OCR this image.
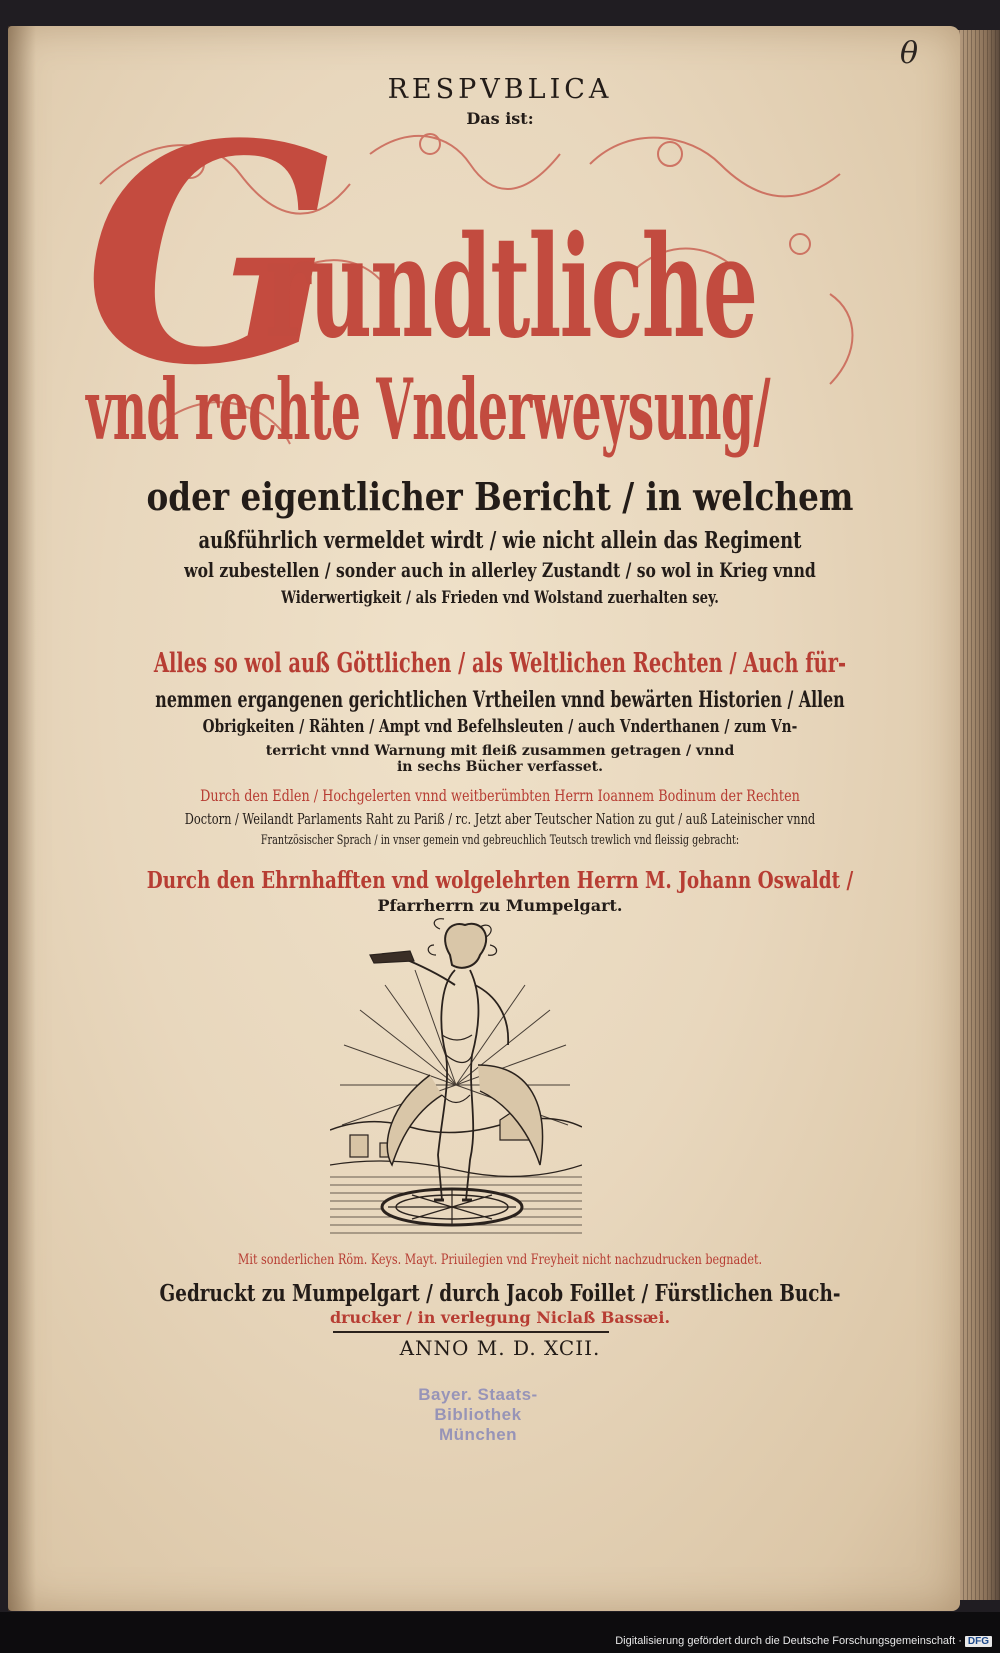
θ
RESPVBLICA
Das ist:
G
rundtliche
vnd rechte Vnderweysung/
oder eigentlicher Bericht / in welchem
außführlich vermeldet wirdt / wie nicht allein das Regiment
wol zubestellen / sonder auch in allerley Zustandt / so wol in Krieg vnnd
Widerwertigkeit / als Frieden vnd Wolstand zuerhalten sey.
Alles so wol auß Göttlichen / als Weltlichen Rechten / Auch für-
nemmen ergangenen gerichtlichen Vrtheilen vnnd bewärten Historien / Allen
Obrigkeiten / Rähten / Ampt vnd Befelhsleuten / auch Vnderthanen / zum Vn-
terricht vnnd Warnung mit fleiß zusammen getragen / vnnd
in sechs Bücher verfasset.
Durch den Edlen / Hochgelerten vnnd weitberümbten Herrn Ioannem Bodinum der Rechten
Doctorn / Weilandt Parlaments Raht zu Pariß / rc. Jetzt aber Teutscher Nation zu gut / auß Lateinischer vnnd
Frantzösischer Sprach / in vnser gemein vnd gebreuchlich Teutsch trewlich vnd fleissig gebracht:
Durch den Ehrnhafften vnd wolgelehrten Herrn M. Johann Oswaldt /
Pfarrherrn zu Mumpelgart.
Mit sonderlichen Röm. Keys. Mayt. Priuilegien vnd Freyheit nicht nachzudrucken begnadet.
Gedruckt zu Mumpelgart / durch Jacob Foillet / Fürstlichen Buch-
drucker / in verlegung Niclaß Bassæi.
ANNO M. D. XCII.
Bayer. Staats-
Bibliothek
München
Digitalisierung gefördert durch die Deutsche Forschungsgemeinschaft · DFG
